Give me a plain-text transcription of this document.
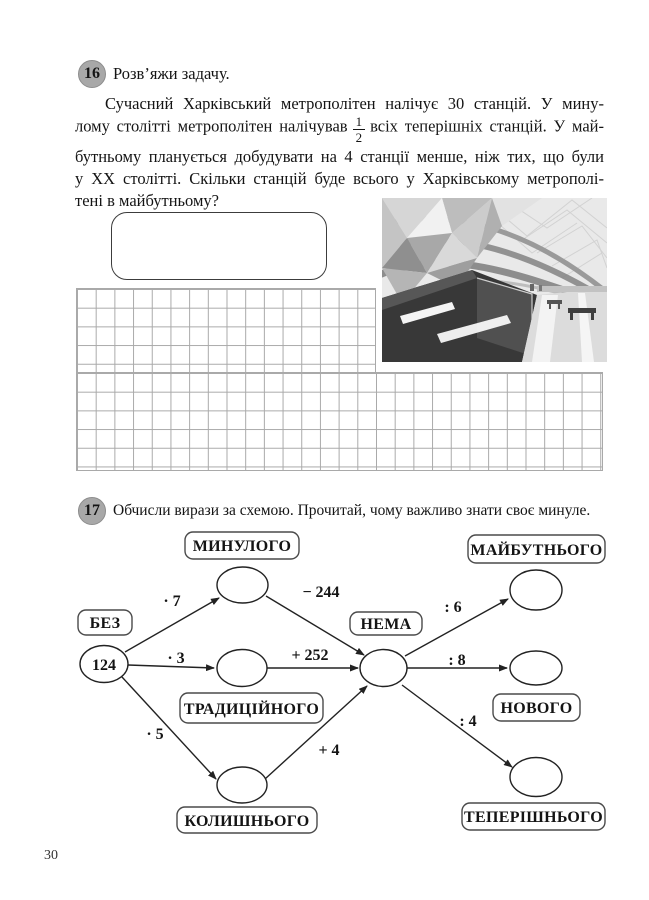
16 Розв’яжи задачу.
Сучасний Харківський метрополітен налічує 30 станцій. У мину-
лому столітті метрополітен налічував $\frac{1}{2}$ всіх теперішніх станцій. У май-
бутньому планується добудувати на 4 станції менше, ніж тих, що були
у ХХ столітті. Скільки станцій буде всього у Харківському метрополі-
тені в майбутньому?
17 Обчисли вирази за схемою. Прочитай, чому важливо знати своє минуле.
· 7
· 3
· 5
− 244
+ 252
+ 4
: 6
: 8
: 4
124
МИНУЛОГО	МАЙБУТНЬОГО
БЕЗ	НЕМА
ТРАДИЦІЙНОГО	НОВОГО
КОЛИШНЬОГО	ТЕПЕРІШНЬОГО
30
